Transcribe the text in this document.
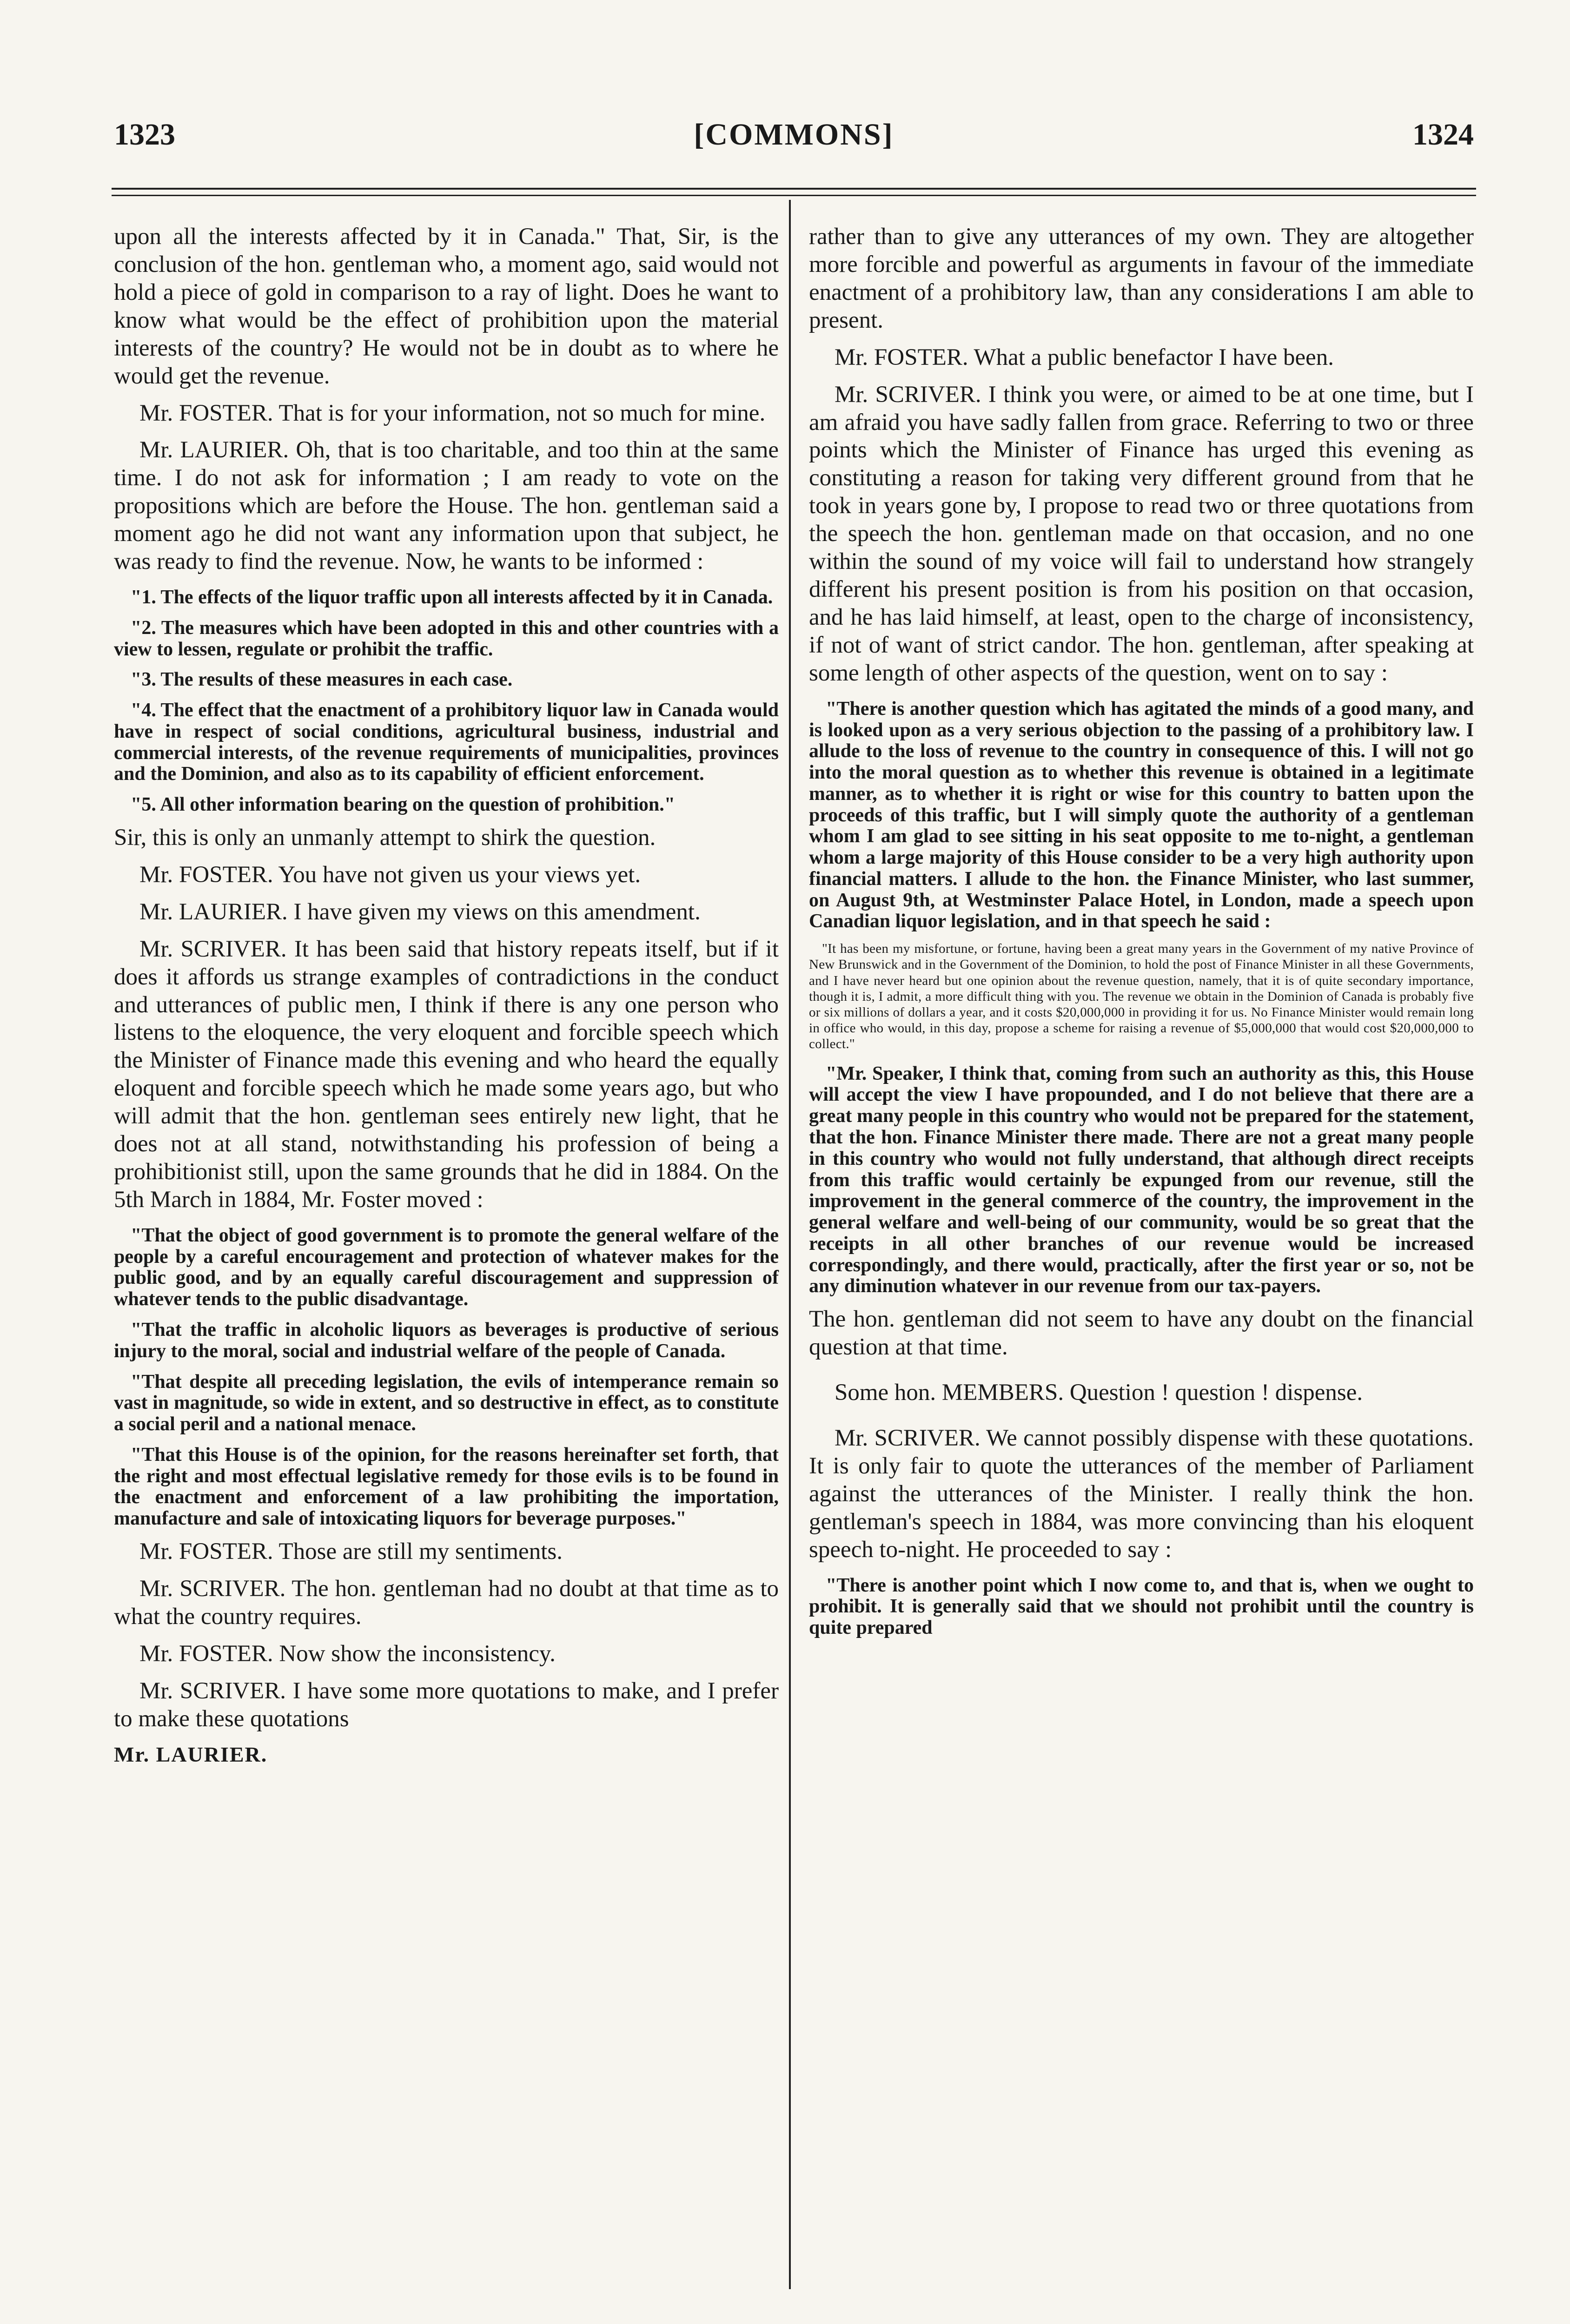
1323	[COMMONS]	1324

upon all the interests affected by it in Canada." That, Sir, is the conclusion of the hon. gentleman who, a moment ago, said would not hold a piece of gold in comparison to a ray of light. Does he want to know what would be the effect of prohibition upon the material interests of the country? He would not be in doubt as to where he would get the revenue.

Mr. FOSTER. That is for your information, not so much for mine.

Mr. LAURIER. Oh, that is too charitable, and too thin at the same time. I do not ask for information ; I am ready to vote on the propositions which are before the House. The hon. gentleman said a moment ago he did not want any information upon that subject, he was ready to find the revenue. Now, he wants to be informed :

"1. The effects of the liquor traffic upon all interests affected by it in Canada.

"2. The measures which have been adopted in this and other countries with a view to lessen, regulate or prohibit the traffic.

"3. The results of these measures in each case.

"4. The effect that the enactment of a prohibitory liquor law in Canada would have in respect of social conditions, agricultural business, industrial and commercial interests, of the revenue requirements of municipalities, provinces and the Dominion, and also as to its capability of efficient enforcement.

"5. All other information bearing on the question of prohibition."

Sir, this is only an unmanly attempt to shirk the question.

Mr. FOSTER. You have not given us your views yet.

Mr. LAURIER. I have given my views on this amendment.

Mr. SCRIVER. It has been said that history repeats itself, but if it does it affords us strange examples of contradictions in the conduct and utterances of public men, I think if there is any one person who listens to the eloquence, the very eloquent and forcible speech which the Minister of Finance made this evening and who heard the equally eloquent and forcible speech which he made some years ago, but who will admit that the hon. gentleman sees entirely new light, that he does not at all stand, notwithstanding his profession of being a prohibitionist still, upon the same grounds that he did in 1884. On the 5th March in 1884, Mr. Foster moved :

"That the object of good government is to promote the general welfare of the people by a careful encouragement and protection of whatever makes for the public good, and by an equally careful discouragement and suppression of whatever tends to the public disadvantage.

"That the traffic in alcoholic liquors as beverages is productive of serious injury to the moral, social and industrial welfare of the people of Canada.

"That despite all preceding legislation, the evils of intemperance remain so vast in magnitude, so wide in extent, and so destructive in effect, as to constitute a social peril and a national menace.

"That this House is of the opinion, for the reasons hereinafter set forth, that the right and most effectual legislative remedy for those evils is to be found in the enactment and enforcement of a law prohibiting the importation, manufacture and sale of intoxicating liquors for beverage purposes."

Mr. FOSTER. Those are still my sentiments.

Mr. SCRIVER. The hon. gentleman had no doubt at that time as to what the country requires.

Mr. FOSTER. Now show the inconsistency.

Mr. SCRIVER. I have some more quotations to make, and I prefer to make these quotations

Mr. LAURIER.

rather than to give any utterances of my own. They are altogether more forcible and powerful as arguments in favour of the immediate enactment of a prohibitory law, than any considerations I am able to present.

Mr. FOSTER. What a public benefactor I have been.

Mr. SCRIVER. I think you were, or aimed to be at one time, but I am afraid you have sadly fallen from grace. Referring to two or three points which the Minister of Finance has urged this evening as constituting a reason for taking very different ground from that he took in years gone by, I propose to read two or three quotations from the speech the hon. gentleman made on that occasion, and no one within the sound of my voice will fail to understand how strangely different his present position is from his position on that occasion, and he has laid himself, at least, open to the charge of inconsistency, if not of want of strict candor. The hon. gentleman, after speaking at some length of other aspects of the question, went on to say :

"There is another question which has agitated the minds of a good many, and is looked upon as a very serious objection to the passing of a prohibitory law. I allude to the loss of revenue to the country in consequence of this. I will not go into the moral question as to whether this revenue is obtained in a legitimate manner, as to whether it is right or wise for this country to batten upon the proceeds of this traffic, but I will simply quote the authority of a gentleman whom I am glad to see sitting in his seat opposite to me to-night, a gentleman whom a large majority of this House consider to be a very high authority upon financial matters. I allude to the hon. the Finance Minister, who last summer, on August 9th, at Westminster Palace Hotel, in London, made a speech upon Canadian liquor legislation, and in that speech he said :

"It has been my misfortune, or fortune, having been a great many years in the Government of my native Province of New Brunswick and in the Government of the Dominion, to hold the post of Finance Minister in all these Governments, and I have never heard but one opinion about the revenue question, namely, that it is of quite secondary importance, though it is, I admit, a more difficult thing with you. The revenue we obtain in the Dominion of Canada is probably five or six millions of dollars a year, and it costs $20,000,000 in providing it for us. No Finance Minister would remain long in office who would, in this day, propose a scheme for raising a revenue of $5,000,000 that would cost $20,000,000 to collect."

"Mr. Speaker, I think that, coming from such an authority as this, this House will accept the view I have propounded, and I do not believe that there are a great many people in this country who would not be prepared for the statement, that the hon. Finance Minister there made. There are not a great many people in this country who would not fully understand, that although direct receipts from this traffic would certainly be expunged from our revenue, still the improvement in the general commerce of the country, the improvement in the general welfare and well-being of our community, would be so great that the receipts in all other branches of our revenue would be increased correspondingly, and there would, practically, after the first year or so, not be any diminution whatever in our revenue from our tax-payers.

The hon. gentleman did not seem to have any doubt on the financial question at that time.

Some hon. MEMBERS. Question ! question ! dispense.

Mr. SCRIVER. We cannot possibly dispense with these quotations. It is only fair to quote the utterances of the member of Parliament against the utterances of the Minister. I really think the hon. gentleman's speech in 1884, was more convincing than his eloquent speech to-night. He proceeded to say :

"There is another point which I now come to, and that is, when we ought to prohibit. It is generally said that we should not prohibit until the country is quite prepared
